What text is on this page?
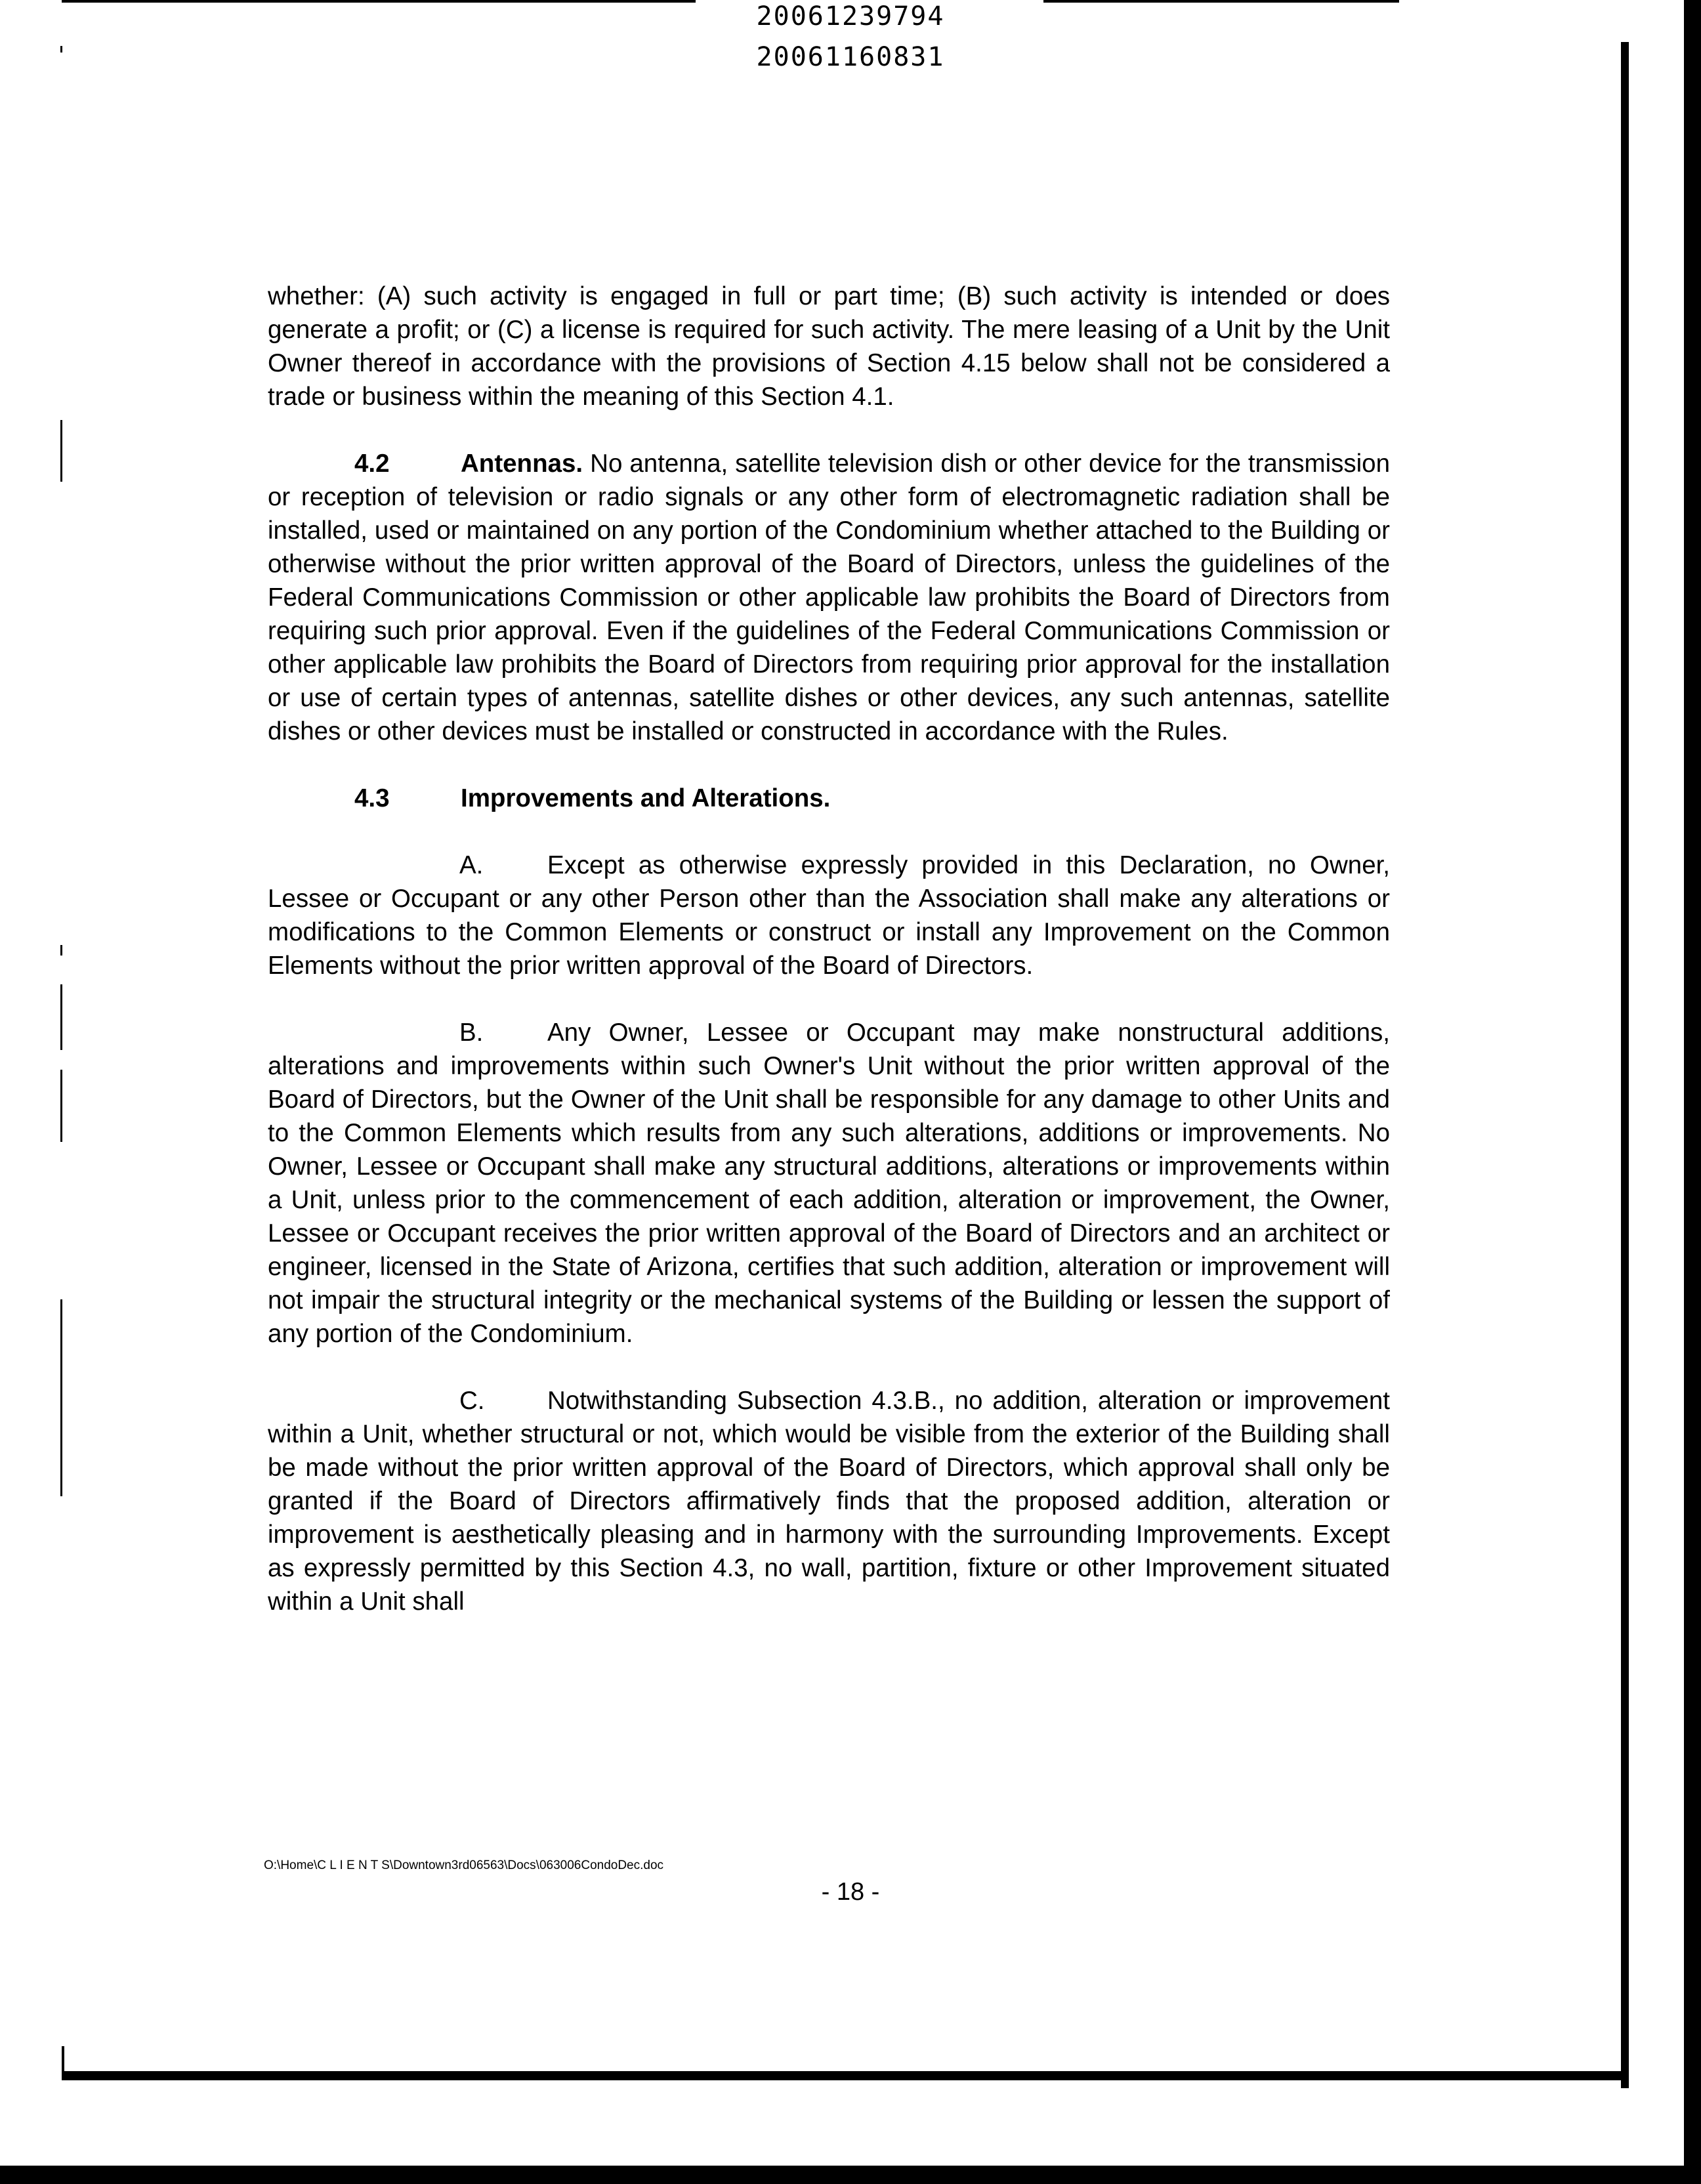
20061239794
20061160831

whether: (A) such activity is engaged in full or part time; (B) such activity is intended or does generate a profit; or (C) a license is required for such activity. The mere leasing of a Unit by the Unit Owner thereof in accordance with the provisions of Section 4.15 below shall not be considered a trade or business within the meaning of this Section 4.1.

4.2	Antennas. No antenna, satellite television dish or other device for the transmission or reception of television or radio signals or any other form of electromagnetic radiation shall be installed, used or maintained on any portion of the Condominium whether attached to the Building or otherwise without the prior written approval of the Board of Directors, unless the guidelines of the Federal Communications Commission or other applicable law prohibits the Board of Directors from requiring such prior approval. Even if the guidelines of the Federal Communications Commission or other applicable law prohibits the Board of Directors from requiring prior approval for the installation or use of certain types of antennas, satellite dishes or other devices, any such antennas, satellite dishes or other devices must be installed or constructed in accordance with the Rules.

4.3	Improvements and Alterations.

A.	Except as otherwise expressly provided in this Declaration, no Owner, Lessee or Occupant or any other Person other than the Association shall make any alterations or modifications to the Common Elements or construct or install any Improvement on the Common Elements without the prior written approval of the Board of Directors.

B.	Any Owner, Lessee or Occupant may make nonstructural additions, alterations and improvements within such Owner's Unit without the prior written approval of the Board of Directors, but the Owner of the Unit shall be responsible for any damage to other Units and to the Common Elements which results from any such alterations, additions or improvements. No Owner, Lessee or Occupant shall make any structural additions, alterations or improvements within a Unit, unless prior to the commencement of each addition, alteration or improvement, the Owner, Lessee or Occupant receives the prior written approval of the Board of Directors and an architect or engineer, licensed in the State of Arizona, certifies that such addition, alteration or improvement will not impair the structural integrity or the mechanical systems of the Building or lessen the support of any portion of the Condominium.

C. Notwithstanding Subsection 4.3.B., no addition, alteration or improvement within a Unit, whether structural or not, which would be visible from the exterior of the Building shall be made without the prior written approval of the Board of Directors, which approval shall only be granted if the Board of Directors affirmatively finds that the proposed addition, alteration or improvement is aesthetically pleasing and in harmony with the surrounding Improvements. Except as expressly permitted by this Section 4.3, no wall, partition, fixture or other Improvement situated within a Unit shall

O:\Home\C L I E N T S\Downtown3rd06563\Docs\063006CondoDec.doc
- 18 -
